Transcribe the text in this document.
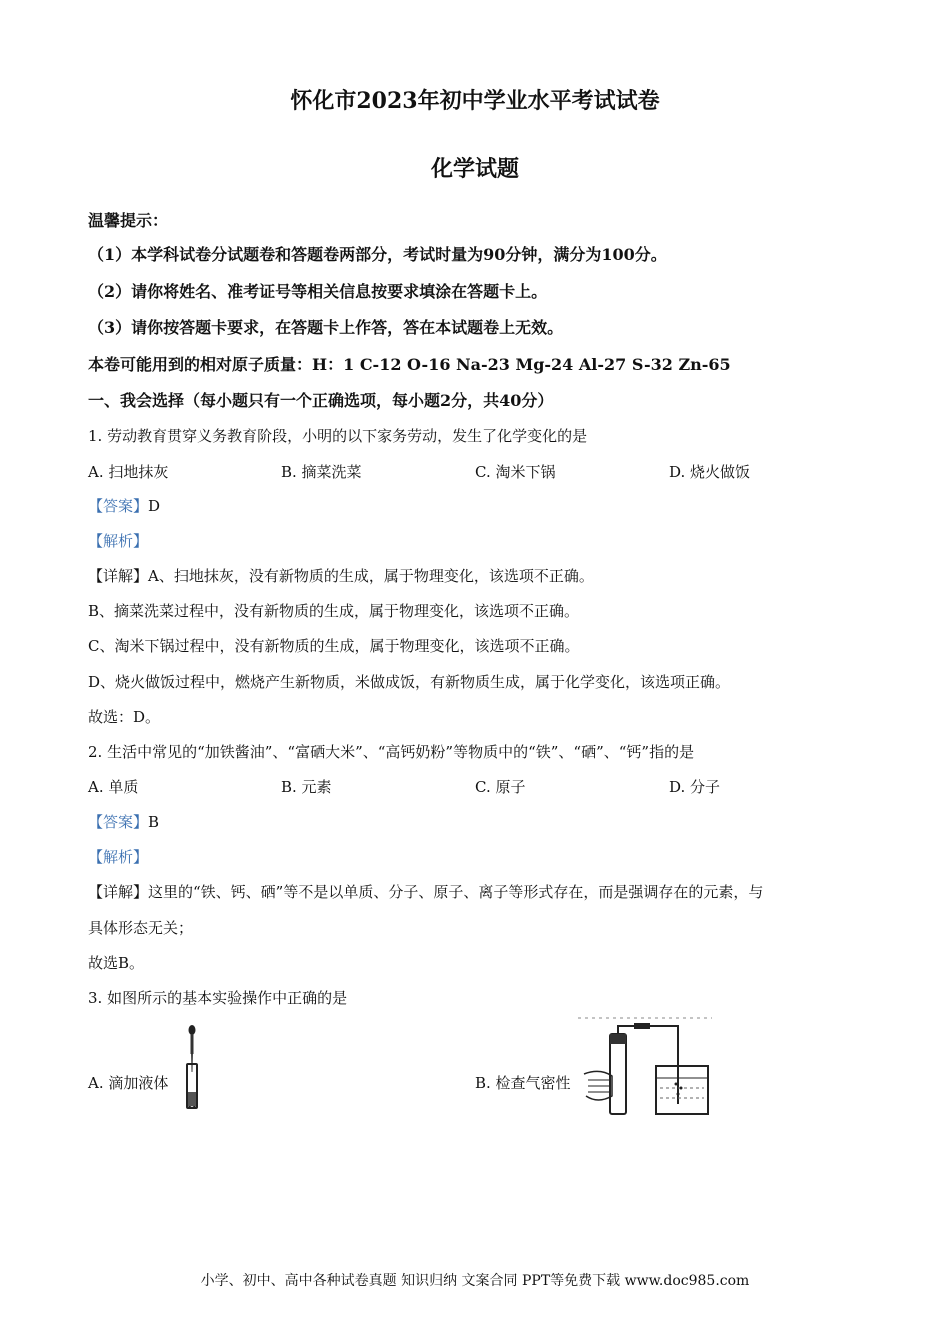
怀化市2023年初中学业水平考试试卷
化学试题
温馨提示：
（1）本学科试卷分试题卷和答题卷两部分，考试时量为90分钟，满分为100分。
（2）请你将姓名、准考证号等相关信息按要求填涂在答题卡上。
（3）请你按答题卡要求，在答题卡上作答，答在本试题卷上无效。
本卷可能用到的相对原子质量：H：1 C-12 O-16 Na-23 Mg-24 Al-27 S-32 Zn-65
一、我会选择（每小题只有一个正确选项，每小题2分，共40分）
1. 劳动教育贯穿义务教育阶段，小明的以下家务劳动，发生了化学变化的是
A. 扫地抹灰	B. 摘菜洗菜	C. 淘米下锅	D. 烧火做饭
【答案】D
【解析】
【详解】A、扫地抹灰，没有新物质的生成，属于物理变化，该选项不正确。
B、摘菜洗菜过程中，没有新物质的生成，属于物理变化，该选项不正确。
C、淘米下锅过程中，没有新物质的生成，属于物理变化，该选项不正确。
D、烧火做饭过程中，燃烧产生新物质，米做成饭，有新物质生成，属于化学变化，该选项正确。
故选：D。
2. 生活中常见的“加铁酱油”、“富硒大米”、“高钙奶粉”等物质中的“铁”、“硒”、“钙”指的是
A. 单质	B. 元素	C. 原子	D. 分子
【答案】B
【解析】
【详解】这里的“铁、钙、硒”等不是以单质、分子、原子、离子等形式存在，而是强调存在的元素，与
具体形态无关；
故选B。
3. 如图所示的基本实验操作中正确的是
A. 滴加液体	B. 检查气密性
小学、初中、高中各种试卷真题 知识归纳 文案合同 PPT等免费下载 www.doc985.com
